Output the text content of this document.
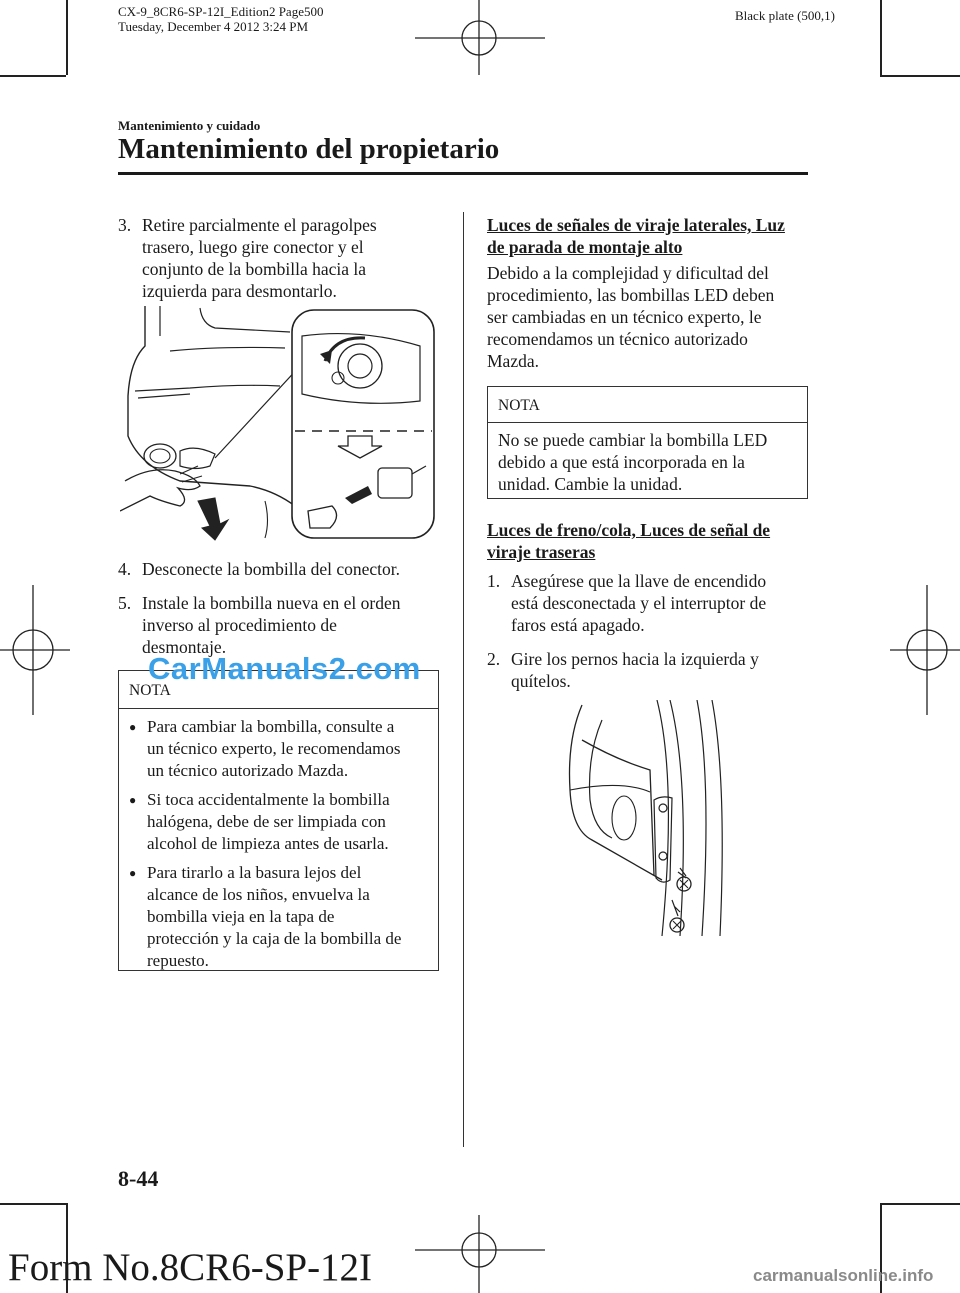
CX-9_8CR6-SP-12I_Edition2 Page500
Tuesday, December 4 2012 3:24 PM
Black plate (500,1)
Mantenimiento y cuidado
Mantenimiento del propietario
3. Retire parcialmente el paragolpes
trasero, luego gire conector y el
conjunto de la bombilla hacia la
izquierda para desmontarlo.
4. Desconecte la bombilla del conector.
5. Instale la bombilla nueva en el orden
inverso al procedimiento de
desmontaje.
NOTA
● Para cambiar la bombilla, consulte a
un técnico experto, le recomendamos
un técnico autorizado Mazda.
● Si toca accidentalmente la bombilla
halógena, debe de ser limpiada con
alcohol de limpieza antes de usarla.
● Para tirarlo a la basura lejos del
alcance de los niños, envuelva la
bombilla vieja en la tapa de
protección y la caja de la bombilla de
repuesto.
CarManuals2.com
Luces de señales de viraje laterales, Luz
de parada de montaje alto
Debido a la complejidad y dificultad del
procedimiento, las bombillas LED deben
ser cambiadas en un técnico experto, le
recomendamos un técnico autorizado
Mazda.
NOTA
No se puede cambiar la bombilla LED
debido a que está incorporada en la
unidad. Cambie la unidad.
Luces de freno/cola, Luces de señal de
viraje traseras
1. Asegúrese que la llave de encendido
está desconectada y el interruptor de
faros está apagado.
2. Gire los pernos hacia la izquierda y
quítelos.
8-44
Form No.8CR6-SP-12I	carmanualsonline.info
